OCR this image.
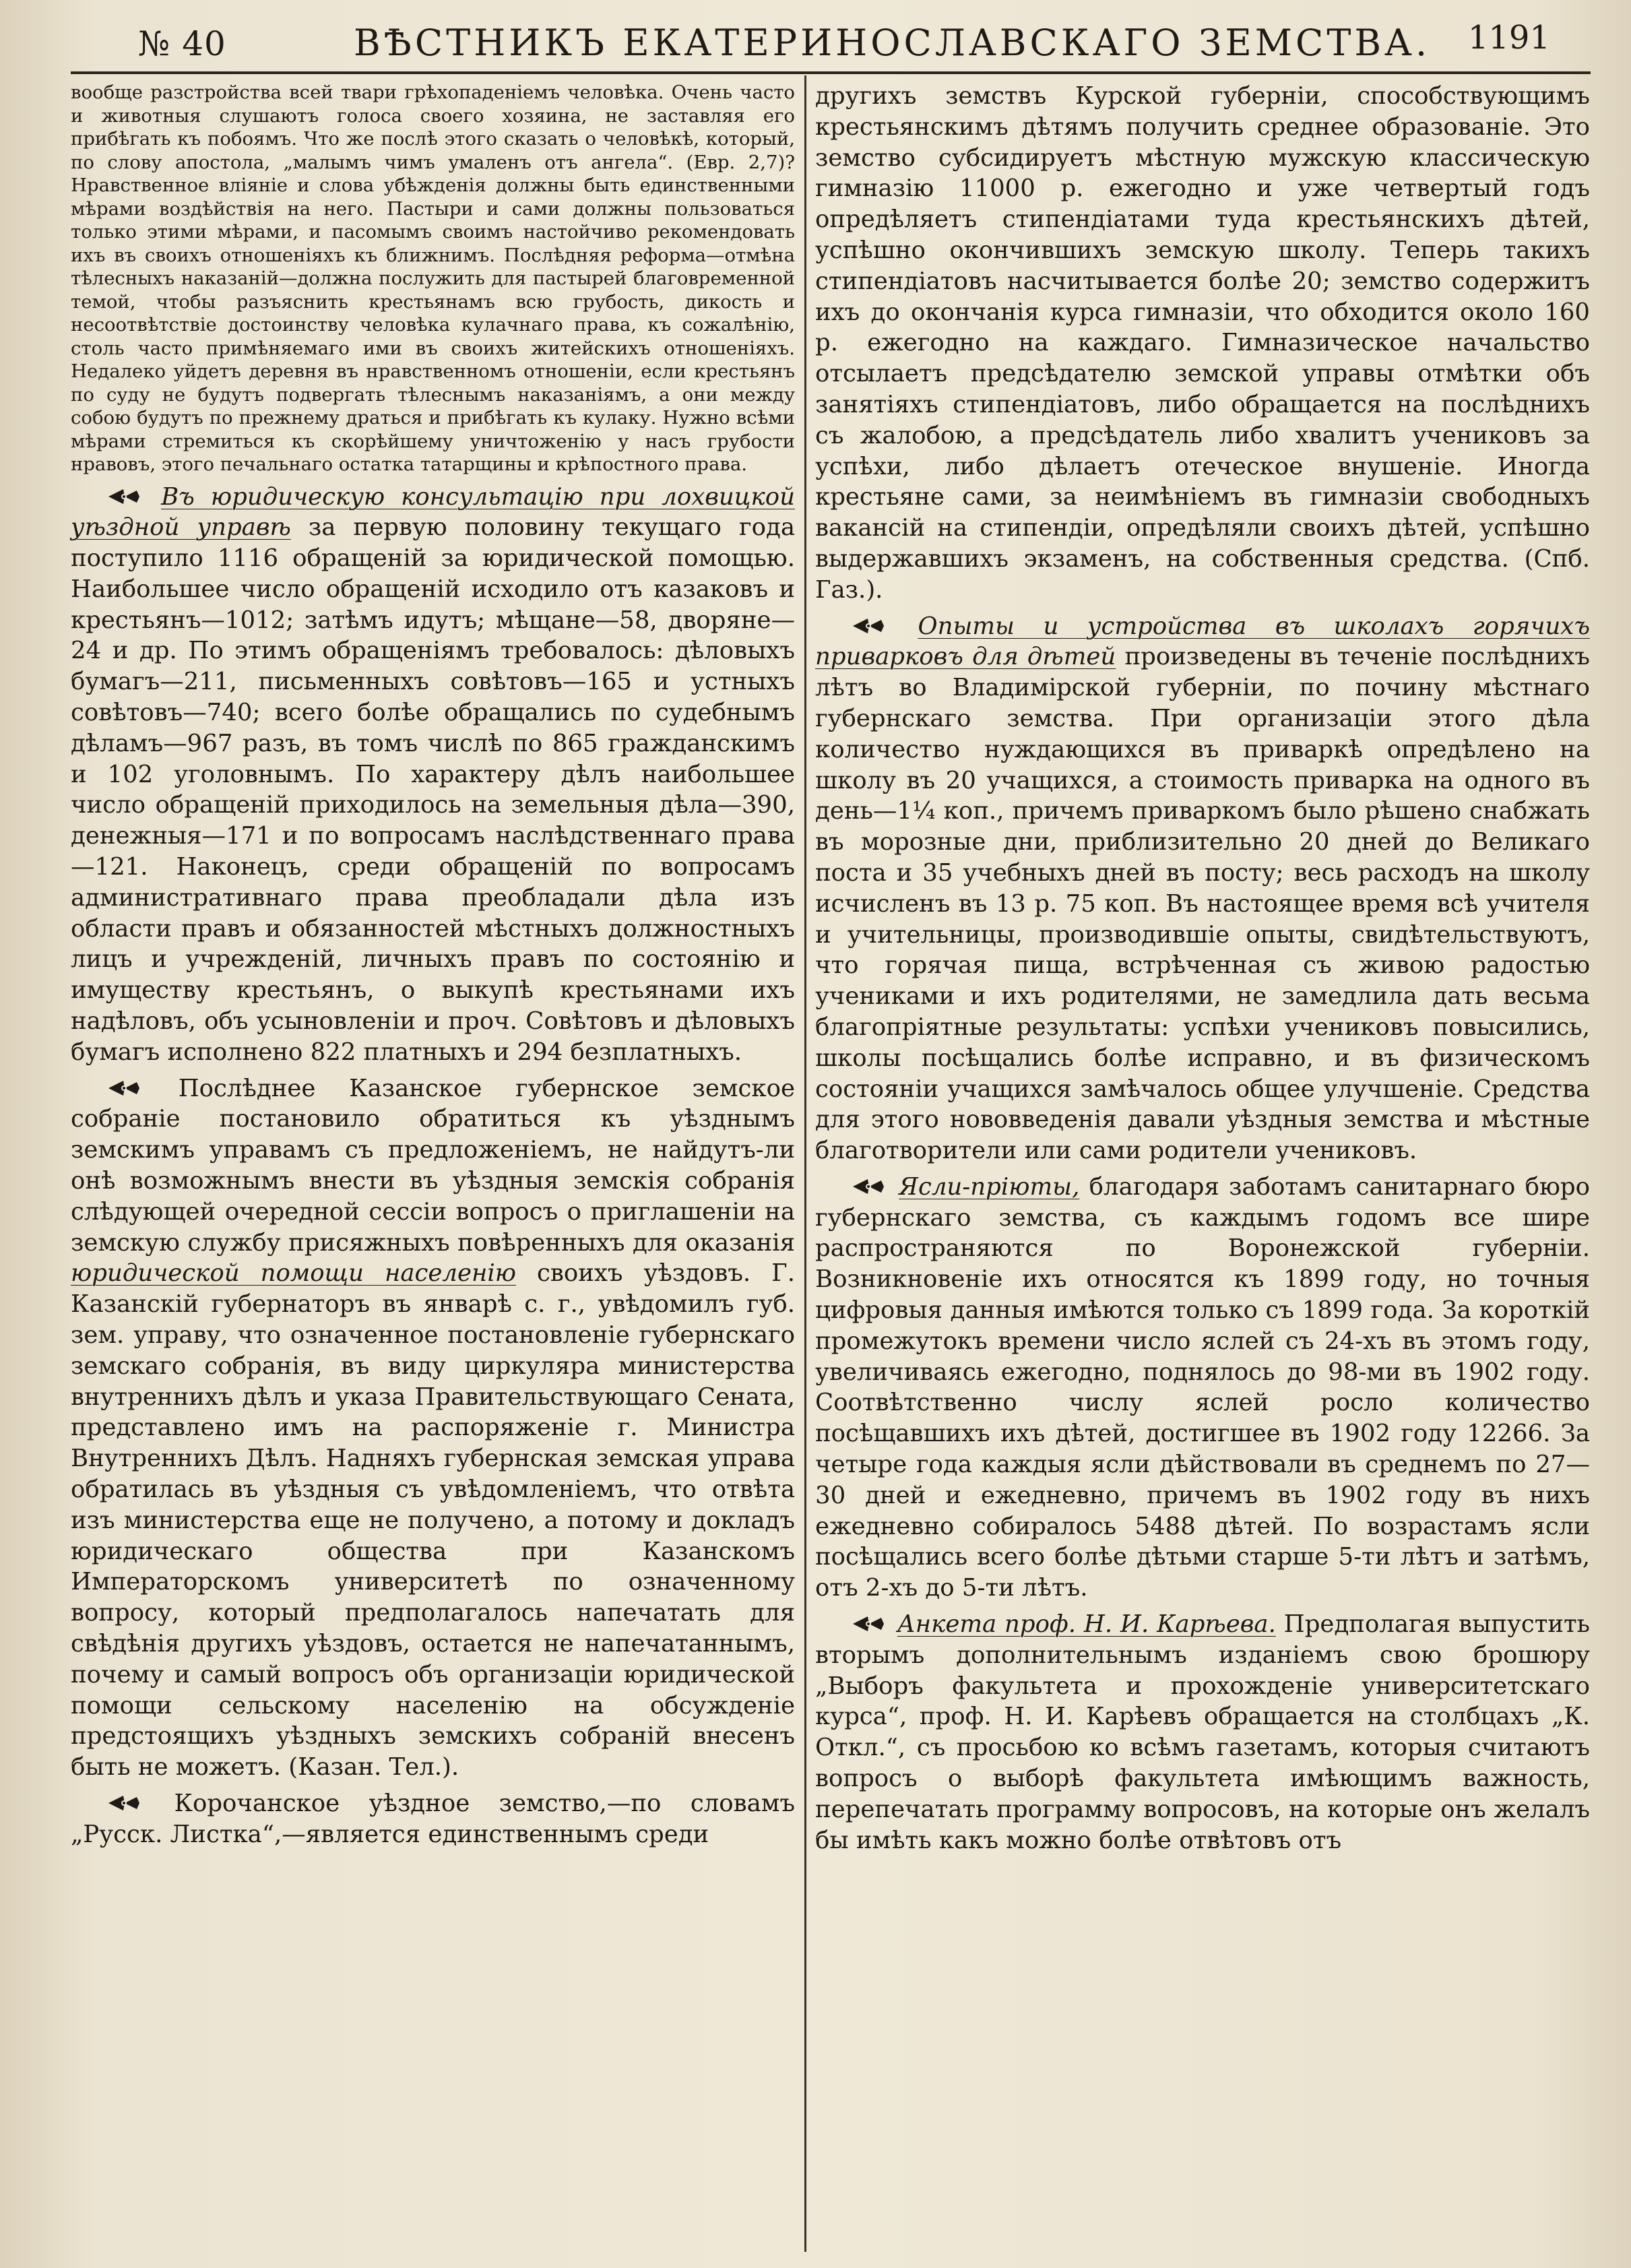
№ 40	ВѢСТНИКЪ ЕКАТЕРИНОСЛАВСКАГО ЗЕМСТВА. 1191

вообще разстройства всей твари грѣхопаденіемъ человѣка. Очень часто и животныя слушаютъ голоса своего хозяина, не заставляя его прибѣгать къ побоямъ. Что же послѣ этого сказать о человѣкѣ, который, по слову апостола, „малымъ чимъ умаленъ отъ ангела“. (Евр. 2,7)? Нравственное вліяніе и слова убѣжденія должны быть единственными мѣрами воздѣйствія на него. Пастыри и сами должны пользоваться только этими мѣрами, и пасомымъ своимъ настойчиво рекомендовать ихъ въ своихъ отношеніяхъ къ ближнимъ. Послѣдняя реформа—отмѣна тѣлесныхъ наказаній—должна послужить для пастырей благовременной темой, чтобы разъяснить крестьянамъ всю грубость, дикость и несоотвѣтствіе достоинству человѣка кулачнаго права, къ сожалѣнію, столь часто примѣняемаго ими въ своихъ житейскихъ отношеніяхъ. Недалеко уйдетъ деревня въ нравственномъ отношеніи, если крестьянъ по суду не будутъ подвергать тѣлеснымъ наказаніямъ, а они между собою будутъ по прежнему драться и прибѣгать къ кулаку. Нужно всѣми мѣрами стремиться къ скорѣйшему уничтоженію у насъ грубости нравовъ, этого печальнаго остатка татарщины и крѣпостного права.

Въ юридическую консультацію при лохвицкой уѣздной управѣ за первую половину текущаго года поступило 1116 обращеній за юридической помощью. Наибольшее число обращеній исходило отъ казаковъ и крестьянъ—1012; затѣмъ идутъ; мѣщане—58, дворяне—24 и др. По этимъ обращеніямъ требовалось: дѣловыхъ бумагъ—211, письменныхъ совѣтовъ—165 и устныхъ совѣтовъ—740; всего болѣе обращались по судебнымъ дѣламъ—967 разъ, въ томъ числѣ по 865 гражданскимъ и 102 уголовнымъ. По характеру дѣлъ наибольшее число обращеній приходилось на земельныя дѣла—390, денежныя—171 и по вопросамъ наслѣдственнаго права—121. Наконецъ, среди обращеній по вопросамъ административнаго права преобладали дѣла изъ области правъ и обязанностей мѣстныхъ должностныхъ лицъ и учрежденій, личныхъ правъ по состоянію и имуществу крестьянъ, о выкупѣ крестьянами ихъ надѣловъ, объ усыновленіи и проч. Совѣтовъ и дѣловыхъ бумагъ исполнено 822 платныхъ и 294 безплатныхъ.

Послѣднее Казанское губернское земское собраніе постановило обратиться къ уѣзднымъ земскимъ управамъ съ предложеніемъ, не найдутъ-ли онѣ возможнымъ внести въ уѣздныя земскія собранія слѣдующей очередной сессіи вопросъ о приглашеніи на земскую службу присяжныхъ повѣренныхъ для оказанія юридической помощи населенію своихъ уѣздовъ. Г. Казанскій губернаторъ въ январѣ с. г., увѣдомилъ губ. зем. управу, что означенное постановленіе губернскаго земскаго собранія, въ виду циркуляра министерства внутреннихъ дѣлъ и указа Правительствующаго Сената, представлено имъ на распоряженіе г. Министра Внутреннихъ Дѣлъ. Надняхъ губернская земская управа обратилась въ уѣздныя съ увѣдомленіемъ, что отвѣта изъ министерства еще не получено, а потому и докладъ юридическаго общества при Казанскомъ Императорскомъ университетѣ по означенному вопросу, который предполагалось напечатать для свѣдѣнія другихъ уѣздовъ, остается не напечатаннымъ, почему и самый вопросъ объ организаціи юридической помощи сельскому населенію на обсужденіе предстоящихъ уѣздныхъ земскихъ собраній внесенъ быть не можетъ. (Казан. Тел.).

Корочанское уѣздное земство,—по словамъ „Русск. Листка“,—является единственнымъ среди

другихъ земствъ Курской губерніи, способствующимъ крестьянскимъ дѣтямъ получить среднее образованіе. Это земство субсидируетъ мѣстную мужскую классическую гимназію 11000 р. ежегодно и уже четвертый годъ опредѣляетъ стипендіатами туда крестьянскихъ дѣтей, успѣшно окончившихъ земскую школу. Теперь такихъ стипендіатовъ насчитывается болѣе 20; земство содержитъ ихъ до окончанія курса гимназіи, что обходится около 160 р. ежегодно на каждаго. Гимназическое начальство отсылаетъ предсѣдателю земской управы отмѣтки объ занятіяхъ стипендіатовъ, либо обращается на послѣднихъ съ жалобою, а предсѣдатель либо хвалитъ учениковъ за успѣхи, либо дѣлаетъ отеческое внушеніе. Иногда крестьяне сами, за неимѣніемъ въ гимназіи свободныхъ вакансій на стипендіи, опредѣляли своихъ дѣтей, успѣшно выдержавшихъ экзаменъ, на собственныя средства. (Спб. Газ.).

Опыты и устройства въ школахъ горячихъ приварковъ для дѣтей произведены въ теченіе послѣднихъ лѣтъ во Владимірской губерніи, по почину мѣстнаго губернскаго земства. При организаціи этого дѣла количество нуждающихся въ приваркѣ опредѣлено на школу въ 20 учащихся, а стоимость приварка на одного въ день—1¼ коп., причемъ приваркомъ было рѣшено снабжать въ морозные дни, приблизительно 20 дней до Великаго поста и 35 учебныхъ дней въ посту; весь расходъ на школу исчисленъ въ 13 р. 75 коп. Въ настоящее время всѣ учителя и учительницы, производившіе опыты, свидѣтельствуютъ, что горячая пища, встрѣченная съ живою радостью учениками и ихъ родителями, не замедлила дать весьма благопріятные результаты: успѣхи учениковъ повысились, школы посѣщались болѣе исправно, и въ физическомъ состояніи учащихся замѣчалось общее улучшеніе. Средства для этого нововведенія давали уѣздныя земства и мѣстные благотворители или сами родители учениковъ.

Ясли-пріюты, благодаря заботамъ санитарнаго бюро губернскаго земства, съ каждымъ годомъ все шире распространяются по Воронежской губерніи. Возникновеніе ихъ относятся къ 1899 году, но точныя цифровыя данныя имѣются только съ 1899 года. За короткій промежутокъ времени число яслей съ 24-хъ въ этомъ году, увеличиваясь ежегодно, поднялось до 98-ми въ 1902 году. Соотвѣтственно числу яслей росло количество посѣщавшихъ ихъ дѣтей, достигшее въ 1902 году 12266. За четыре года каждыя ясли дѣйствовали въ среднемъ по 27—30 дней и ежедневно, причемъ въ 1902 году въ нихъ ежедневно собиралось 5488 дѣтей. По возрастамъ ясли посѣщались всего болѣе дѣтьми старше 5-ти лѣтъ и затѣмъ, отъ 2-хъ до 5-ти лѣтъ.

Анкета проф. Н. И. Карѣева. Предполагая выпустить вторымъ дополнительнымъ изданіемъ свою брошюру „Выборъ факультета и прохожденіе университетскаго курса“, проф. Н. И. Карѣевъ обращается на столбцахъ „К. Откл.“, съ просьбою ко всѣмъ газетамъ, которыя считаютъ вопросъ о выборѣ факультета имѣющимъ важность, перепечатать программу вопросовъ, на которые онъ желалъ бы имѣть какъ можно болѣе отвѣтовъ отъ
